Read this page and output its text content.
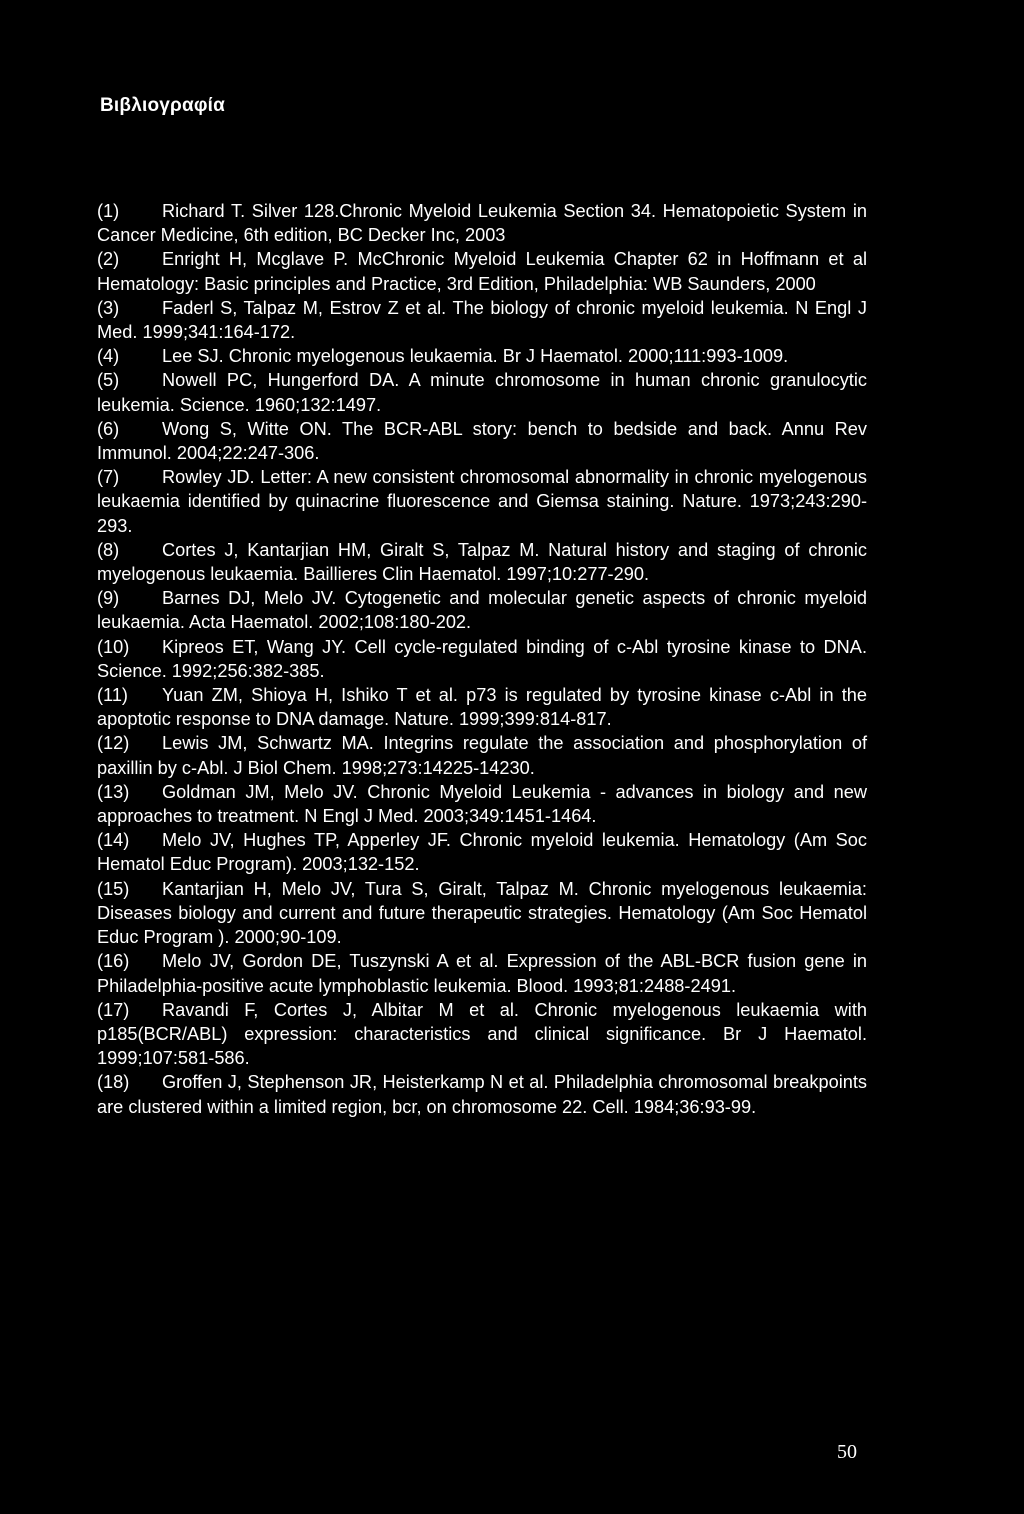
Βιβλιογραφία

(1) Richard T. Silver 128.Chronic Myeloid Leukemia Section 34. Hematopoietic System in Cancer Medicine, 6th edition, BC Decker Inc, 2003

(2) Enright H, Mcglave P. McChronic Myeloid Leukemia Chapter 62 in Hoffmann et al Hematology: Basic principles and Practice, 3rd Edition, Philadelphia: WB Saunders, 2000

(3) Faderl S, Talpaz M, Estrov Z et al. The biology of chronic myeloid leukemia. N Engl J Med. 1999;341:164-172.

(4) Lee SJ. Chronic myelogenous leukaemia. Br J Haematol. 2000;111:993-1009.

(5) Nowell PC, Hungerford DA. A minute chromosome in human chronic granulocytic leukemia. Science. 1960;132:1497.

(6) Wong S, Witte ON. The BCR-ABL story: bench to bedside and back. Annu Rev Immunol. 2004;22:247-306.

(7) Rowley JD. Letter: A new consistent chromosomal abnormality in chronic myelogenous leukaemia identified by quinacrine fluorescence and Giemsa staining. Nature. 1973;243:290-293.

(8) Cortes J, Kantarjian HM, Giralt S, Talpaz M. Natural history and staging of chronic myelogenous leukaemia. Baillieres Clin Haematol. 1997;10:277-290.

(9) Barnes DJ, Melo JV. Cytogenetic and molecular genetic aspects of chronic myeloid leukaemia. Acta Haematol. 2002;108:180-202.

(10) Kipreos ET, Wang JY. Cell cycle-regulated binding of c-Abl tyrosine kinase to DNA. Science. 1992;256:382-385.

(11) Yuan ZM, Shioya H, Ishiko T et al. p73 is regulated by tyrosine kinase c-Abl in the apoptotic response to DNA damage. Nature. 1999;399:814-817.

(12) Lewis JM, Schwartz MA. Integrins regulate the association and phosphorylation of paxillin by c-Abl. J Biol Chem. 1998;273:14225-14230.

(13) Goldman JM, Melo JV. Chronic Myeloid Leukemia - advances in biology and new approaches to treatment. N Engl J Med. 2003;349:1451-1464.

(14) Melo JV, Hughes TP, Apperley JF. Chronic myeloid leukemia. Hematology (Am Soc Hematol Educ Program). 2003;132-152.

(15) Kantarjian H, Melo JV, Tura S, Giralt, Talpaz M. Chronic myelogenous leukaemia: Diseases biology and current and future therapeutic strategies. Hematology (Am Soc Hematol Educ Program ). 2000;90-109.

(16) Melo JV, Gordon DE, Tuszynski A et al. Expression of the ABL-BCR fusion gene in Philadelphia-positive acute lymphoblastic leukemia. Blood. 1993;81:2488-2491.

(17) Ravandi F, Cortes J, Albitar M et al. Chronic myelogenous leukaemia with p185(BCR/ABL) expression: characteristics and clinical significance. Br J Haematol. 1999;107:581-586.

(18) Groffen J, Stephenson JR, Heisterkamp N et al. Philadelphia chromosomal breakpoints are clustered within a limited region, bcr, on chromosome 22. Cell. 1984;36:93-99.

50
